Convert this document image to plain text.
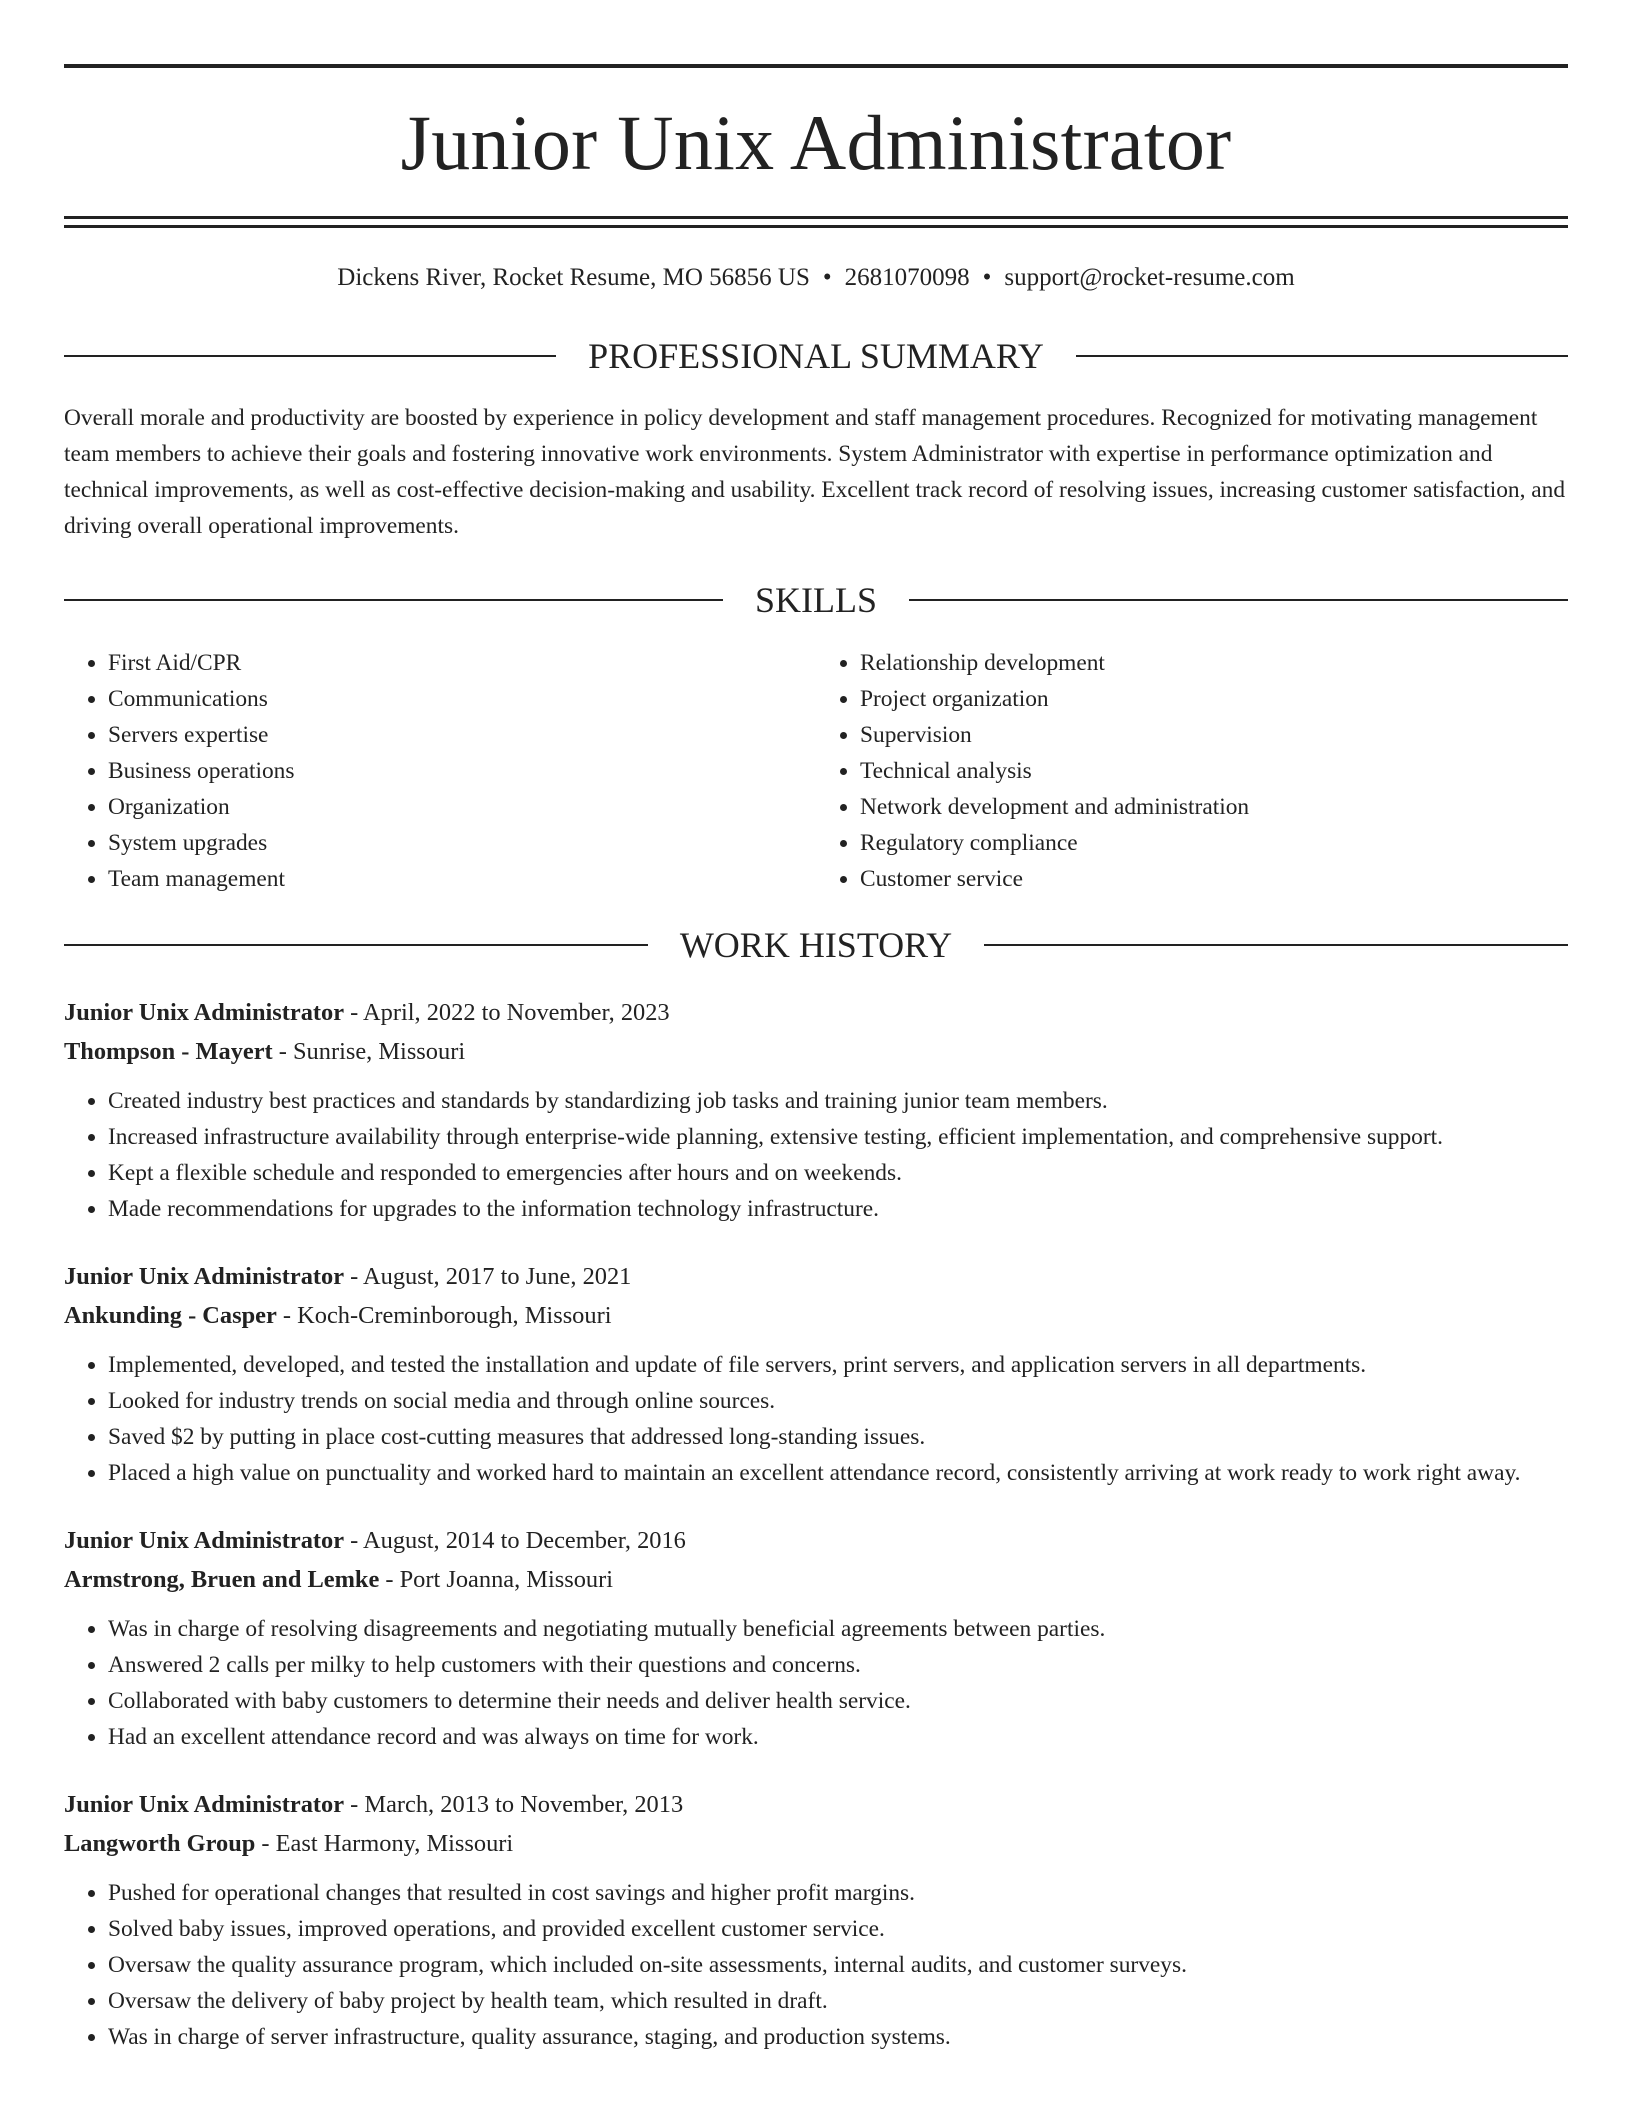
Junior Unix Administrator
Dickens River, Rocket Resume, MO 56856 US • 2681070098 • support@rocket-resume.com
PROFESSIONAL SUMMARY
Overall morale and productivity are boosted by experience in policy development and staff management procedures. Recognized for motivating management team members to achieve their goals and fostering innovative work environments. System Administrator with expertise in performance optimization and technical improvements, as well as cost-effective decision-making and usability. Excellent track record of resolving issues, increasing customer satisfaction, and driving overall operational improvements.
SKILLS
• First Aid/CPR
• Communications
• Servers expertise
• Business operations
• Organization
• System upgrades
• Team management
• Relationship development
• Project organization
• Supervision
• Technical analysis
• Network development and administration
• Regulatory compliance
• Customer service
WORK HISTORY
Junior Unix Administrator - April, 2022 to November, 2023
Thompson - Mayert - Sunrise, Missouri
• Created industry best practices and standards by standardizing job tasks and training junior team members.
• Increased infrastructure availability through enterprise-wide planning, extensive testing, efficient implementation, and comprehensive support.
• Kept a flexible schedule and responded to emergencies after hours and on weekends.
• Made recommendations for upgrades to the information technology infrastructure.
Junior Unix Administrator - August, 2017 to June, 2021
Ankunding - Casper - Koch-Creminborough, Missouri
• Implemented, developed, and tested the installation and update of file servers, print servers, and application servers in all departments.
• Looked for industry trends on social media and through online sources.
• Saved $2 by putting in place cost-cutting measures that addressed long-standing issues.
• Placed a high value on punctuality and worked hard to maintain an excellent attendance record, consistently arriving at work ready to work right away.
Junior Unix Administrator - August, 2014 to December, 2016
Armstrong, Bruen and Lemke - Port Joanna, Missouri
• Was in charge of resolving disagreements and negotiating mutually beneficial agreements between parties.
• Answered 2 calls per milky to help customers with their questions and concerns.
• Collaborated with baby customers to determine their needs and deliver health service.
• Had an excellent attendance record and was always on time for work.
Junior Unix Administrator - March, 2013 to November, 2013
Langworth Group - East Harmony, Missouri
• Pushed for operational changes that resulted in cost savings and higher profit margins.
• Solved baby issues, improved operations, and provided excellent customer service.
• Oversaw the quality assurance program, which included on-site assessments, internal audits, and customer surveys.
• Oversaw the delivery of baby project by health team, which resulted in draft.
• Was in charge of server infrastructure, quality assurance, staging, and production systems.
